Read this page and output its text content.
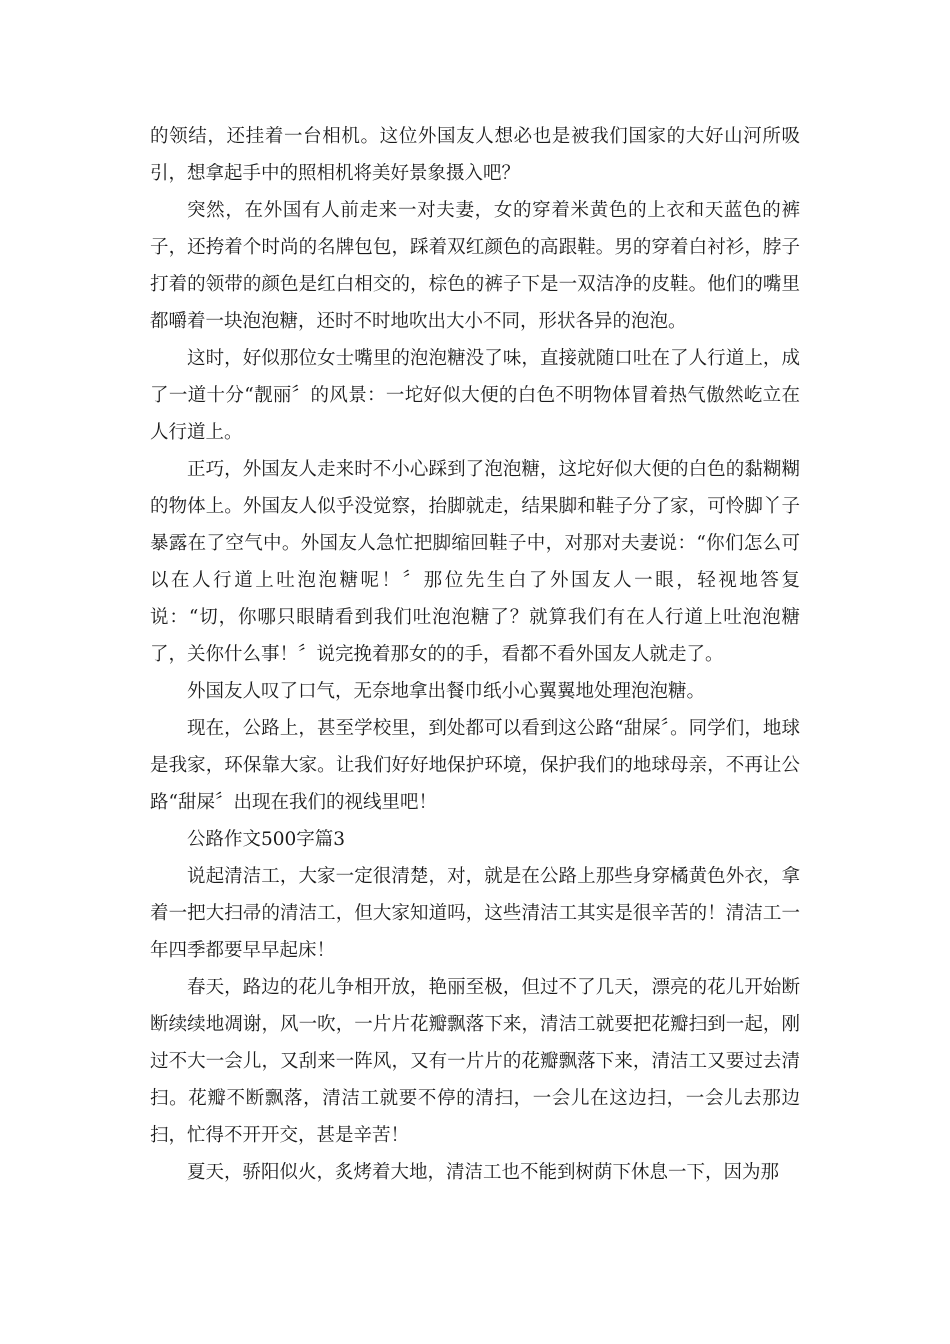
的领结，还挂着一台相机。这位外国友人想必也是被我们国家的大好山河所吸引，想拿起手中的照相机将美好景象摄入吧？

突然，在外国有人前走来一对夫妻，女的穿着米黄色的上衣和天蓝色的裤子，还挎着个时尚的名牌包包，踩着双红颜色的高跟鞋。男的穿着白衬衫，脖子打着的领带的颜色是红白相交的，棕色的裤子下是一双洁净的皮鞋。他们的嘴里都嚼着一块泡泡糖，还时不时地吹出大小不同，形状各异的泡泡。

这时，好似那位女士嘴里的泡泡糖没了味，直接就随口吐在了人行道上，成了一道十分“靓丽〞的风景：一坨好似大便的白色不明物体冒着热气傲然屹立在人行道上。

正巧，外国友人走来时不小心踩到了泡泡糖，这坨好似大便的白色的黏糊糊的物体上。外国友人似乎没觉察，抬脚就走，结果脚和鞋子分了家，可怜脚丫子暴露在了空气中。外国友人急忙把脚缩回鞋子中，对那对夫妻说：“你们怎么可以在人行道上吐泡泡糖呢！〞那位先生白了外国友人一眼，轻视地答复说：“切，你哪只眼睛看到我们吐泡泡糖了？就算我们有在人行道上吐泡泡糖了，关你什么事！〞说完挽着那女的的手，看都不看外国友人就走了。

外国友人叹了口气，无奈地拿出餐巾纸小心翼翼地处理泡泡糖。

现在，公路上，甚至学校里，到处都可以看到这公路“甜屎〞。同学们，地球是我家，环保靠大家。让我们好好地保护环境，保护我们的地球母亲，不再让公路“甜屎〞出现在我们的视线里吧！

公路作文500字篇3

说起清洁工，大家一定很清楚，对，就是在公路上那些身穿橘黄色外衣，拿着一把大扫帚的清洁工，但大家知道吗，这些清洁工其实是很辛苦的！清洁工一年四季都要早早起床！

春天，路边的花儿争相开放，艳丽至极，但过不了几天，漂亮的花儿开始断断续续地凋谢，风一吹，一片片花瓣飘落下来，清洁工就要把花瓣扫到一起，刚过不大一会儿，又刮来一阵风，又有一片片的花瓣飘落下来，清洁工又要过去清扫。花瓣不断飘落，清洁工就要不停的清扫，一会儿在这边扫，一会儿去那边扫，忙得不开开交，甚是辛苦！

夏天，骄阳似火，炙烤着大地，清洁工也不能到树荫下休息一下，因为那
